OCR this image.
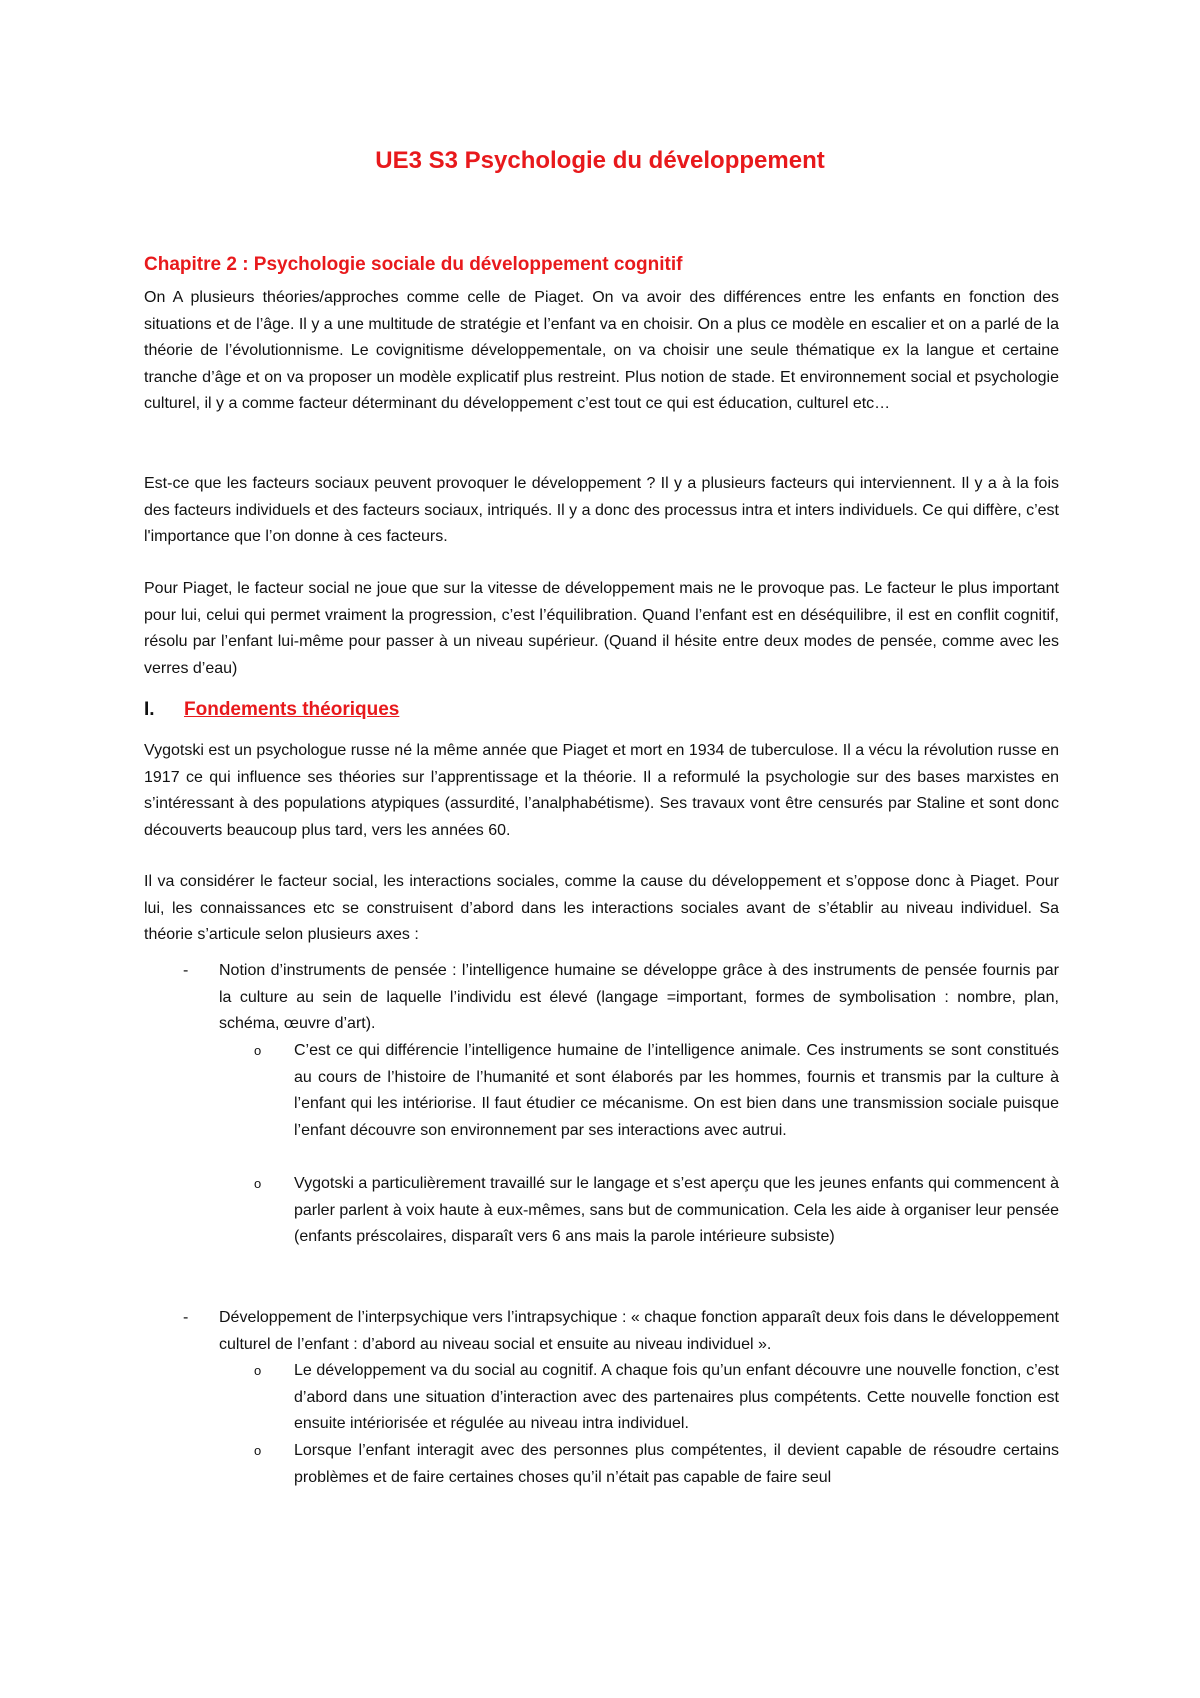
UE3 S3 Psychologie du développement
Chapitre 2 : Psychologie sociale du développement cognitif

On A plusieurs théories/approches comme celle de Piaget. On va avoir des différences entre les enfants en fonction des situations et de l’âge. Il y a une multitude de stratégie et l’enfant va en choisir. On a plus ce modèle en escalier et on a parlé de la théorie de l’évolutionnisme. Le covignitisme développementale, on va choisir une seule thématique ex la langue et certaine tranche d’âge et on va proposer un modèle explicatif plus restreint. Plus notion de stade. Et environnement social et psychologie culturel, il y a comme facteur déterminant du développement c’est tout ce qui est éducation, culturel etc…

Est-ce que les facteurs sociaux peuvent provoquer le développement ? Il y a plusieurs facteurs qui interviennent. Il y a à la fois des facteurs individuels et des facteurs sociaux, intriqués. Il y a donc des processus intra et inters individuels. Ce qui diffère, c’est l'importance que l’on donne à ces facteurs.

Pour Piaget, le facteur social ne joue que sur la vitesse de développement mais ne le provoque pas. Le facteur le plus important pour lui, celui qui permet vraiment la progression, c’est l’équilibration. Quand l’enfant est en déséquilibre, il est en conflit cognitif, résolu par l’enfant lui-même pour passer à un niveau supérieur. (Quand il hésite entre deux modes de pensée, comme avec les verres d’eau)

I. Fondements théoriques

Vygotski est un psychologue russe né la même année que Piaget et mort en 1934 de tuberculose. Il a vécu la révolution russe en 1917 ce qui influence ses théories sur l’apprentissage et la théorie. Il a reformulé la psychologie sur des bases marxistes en s’intéressant à des populations atypiques (assurdité, l’analphabétisme). Ses travaux vont être censurés par Staline et sont donc découverts beaucoup plus tard, vers les années 60.

Il va considérer le facteur social, les interactions sociales, comme la cause du développement et s’oppose donc à Piaget. Pour lui, les connaissances etc se construisent d’abord dans les interactions sociales avant de s’établir au niveau individuel. Sa théorie s’articule selon plusieurs axes :

- Notion d’instruments de pensée : l’intelligence humaine se développe grâce à des instruments de pensée fournis par la culture au sein de laquelle l’individu est élevé (langage =important, formes de symbolisation : nombre, plan, schéma, œuvre d’art).

o C’est ce qui différencie l’intelligence humaine de l’intelligence animale. Ces instruments se sont constitués au cours de l’histoire de l’humanité et sont élaborés par les hommes, fournis et transmis par la culture à l’enfant qui les intériorise. Il faut étudier ce mécanisme. On est bien dans une transmission sociale puisque l’enfant découvre son environnement par ses interactions avec autrui.

o Vygotski a particulièrement travaillé sur le langage et s’est aperçu que les jeunes enfants qui commencent à parler parlent à voix haute à eux-mêmes, sans but de communication. Cela les aide à organiser leur pensée (enfants préscolaires, disparaît vers 6 ans mais la parole intérieure subsiste)

- Développement de l’interpsychique vers l’intrapsychique : « chaque fonction apparaît deux fois dans le développement culturel de l’enfant : d’abord au niveau social et ensuite au niveau individuel ».

o Le développement va du social au cognitif. A chaque fois qu’un enfant découvre une nouvelle fonction, c’est d’abord dans une situation d’interaction avec des partenaires plus compétents. Cette nouvelle fonction est ensuite intériorisée et régulée au niveau intra individuel.

o Lorsque l’enfant interagit avec des personnes plus compétentes, il devient capable de résoudre certains problèmes et de faire certaines choses qu’il n’était pas capable de faire seul
